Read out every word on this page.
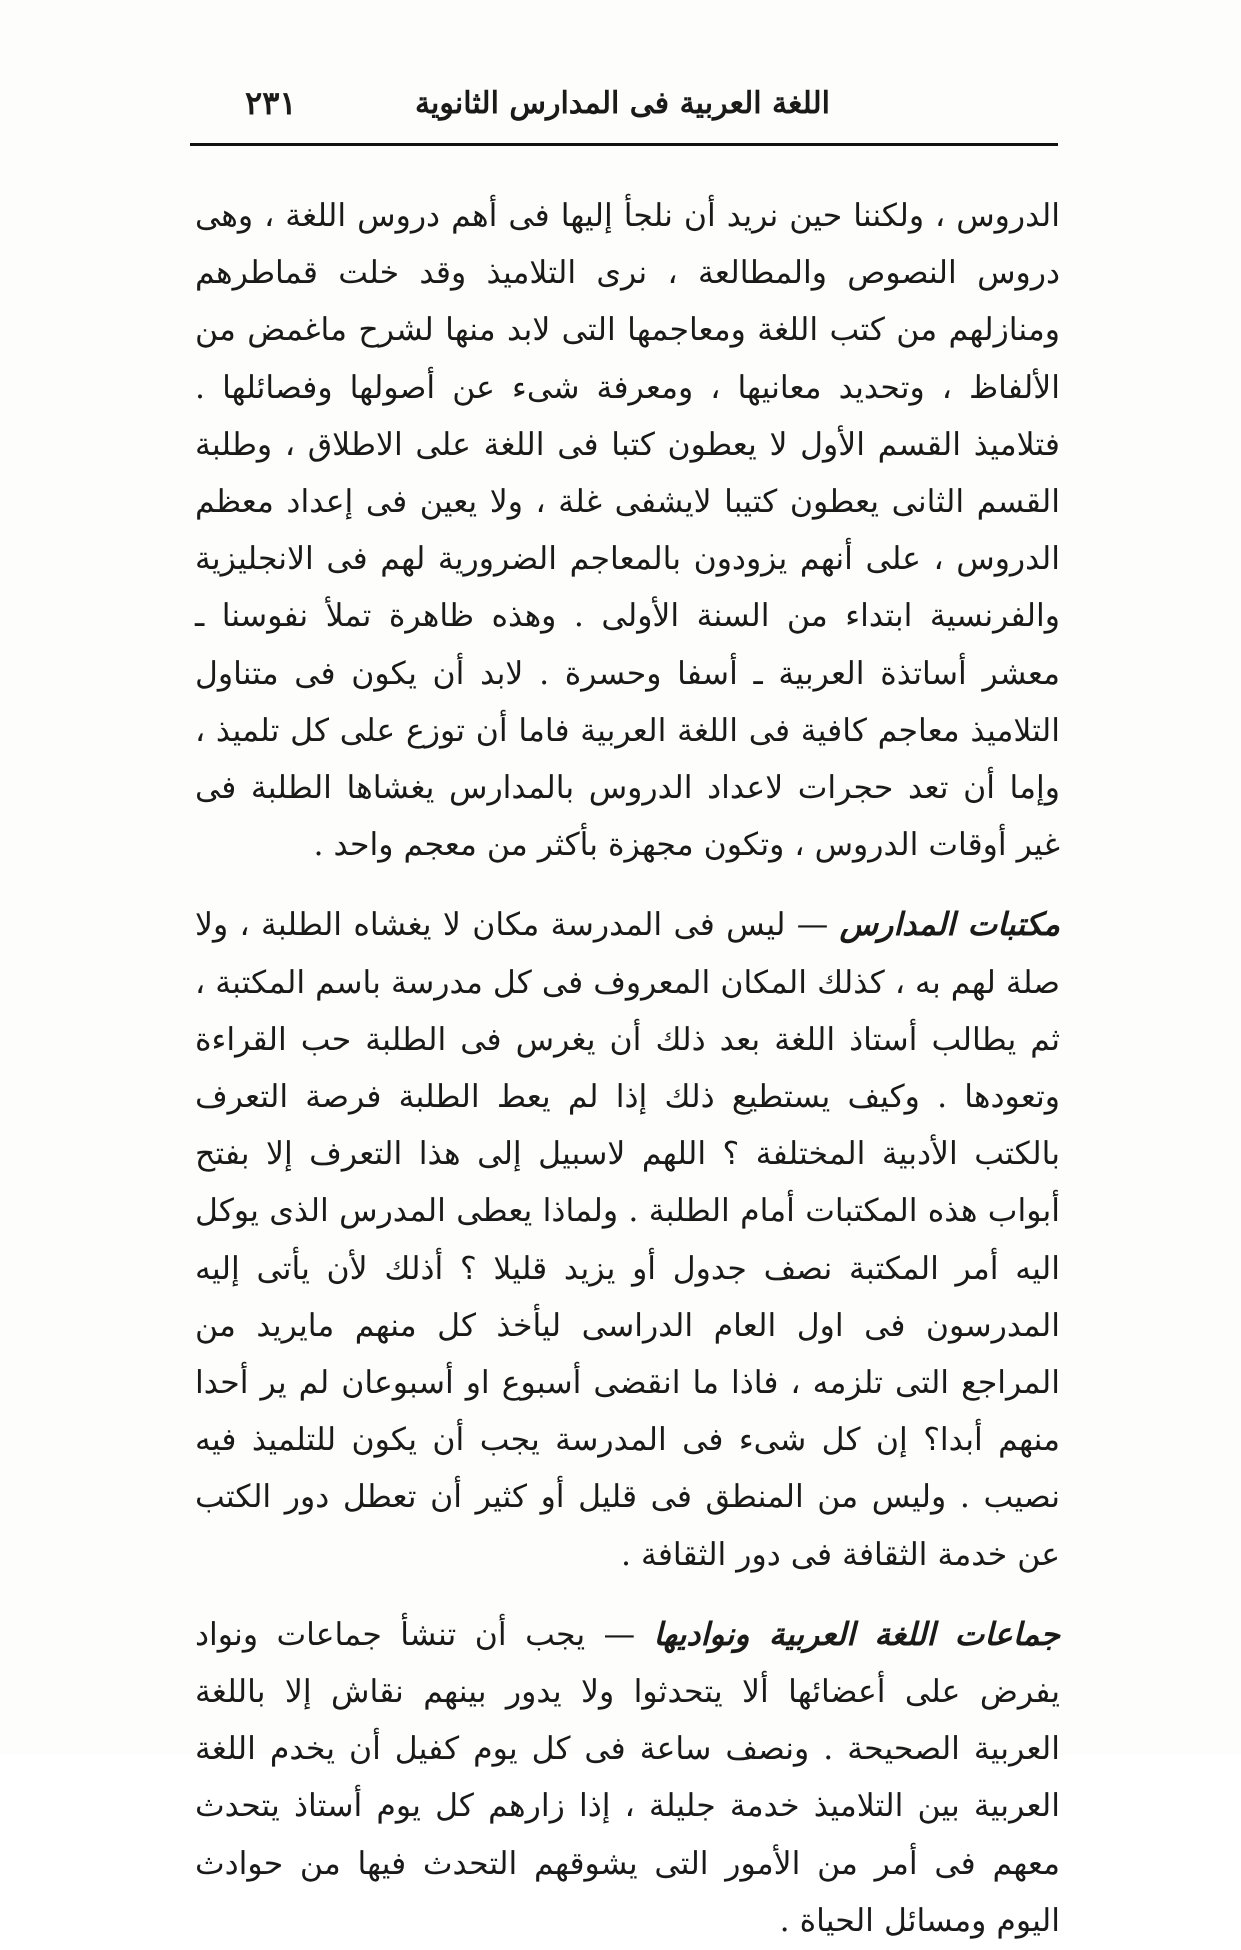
اللغة العربية فى المدارس الثانوية
٢٣١

الدروس ، ولكننا حين نريد أن نلجأ إليها فى أهم دروس اللغة ، وهى دروس النصوص والمطالعة ، نرى التلاميذ وقد خلت قماطرهم ومنازلهم من كتب اللغة ومعاجمها التى لابد منها لشرح ماغمض من الألفاظ ، وتحديد معانيها ، ومعرفة شىء عن أصولها وفصائلها . فتلاميذ القسم الأول لا يعطون كتبا فى اللغة على الاطلاق ، وطلبة القسم الثانى يعطون كتيبا لايشفى غلة ، ولا يعين فى إعداد معظم الدروس ، على أنهم يزودون بالمعاجم الضرورية لهم فى الانجليزية والفرنسية ابتداء من السنة الأولى . وهذه ظاهرة تملأ نفوسنا ـ معشر أساتذة العربية ـ أسفا وحسرة . لابد أن يكون فى متناول التلاميذ معاجم كافية فى اللغة العربية فاما أن توزع على كل تلميذ ، وإما أن تعد حجرات لاعداد الدروس بالمدارس يغشاها الطلبة فى غير أوقات الدروس ، وتكون مجهزة بأكثر من معجم واحد .

مكتبات المدارس — ليس فى المدرسة مكان لا يغشاه الطلبة ، ولا صلة لهم به ، كذلك المكان المعروف فى كل مدرسة باسم المكتبة ، ثم يطالب أستاذ اللغة بعد ذلك أن يغرس فى الطلبة حب القراءة وتعودها . وكيف يستطيع ذلك إذا لم يعط الطلبة فرصة التعرف بالكتب الأدبية المختلفة ؟ اللهم لاسبيل إلى هذا التعرف إلا بفتح أبواب هذه المكتبات أمام الطلبة . ولماذا يعطى المدرس الذى يوكل اليه أمر المكتبة نصف جدول أو يزيد قليلا ؟ أذلك لأن يأتى إليه المدرسون فى اول العام الدراسى ليأخذ كل منهم مايريد من المراجع التى تلزمه ، فاذا ما انقضى أسبوع او أسبوعان لم ير أحدا منهم أبدا؟ إن كل شىء فى المدرسة يجب أن يكون للتلميذ فيه نصيب . وليس من المنطق فى قليل أو كثير أن تعطل دور الكتب عن خدمة الثقافة فى دور الثقافة .

جماعات اللغة العربية ونواديها — يجب أن تنشأ جماعات ونواد يفرض على أعضائها ألا يتحدثوا ولا يدور بينهم نقاش إلا باللغة العربية الصحيحة . ونصف ساعة فى كل يوم كفيل أن يخدم اللغة العربية بين التلاميذ خدمة جليلة ، إذا زارهم كل يوم أستاذ يتحدث معهم فى أمر من الأمور التى يشوقهم التحدث فيها من حوادث اليوم ومسائل الحياة .
